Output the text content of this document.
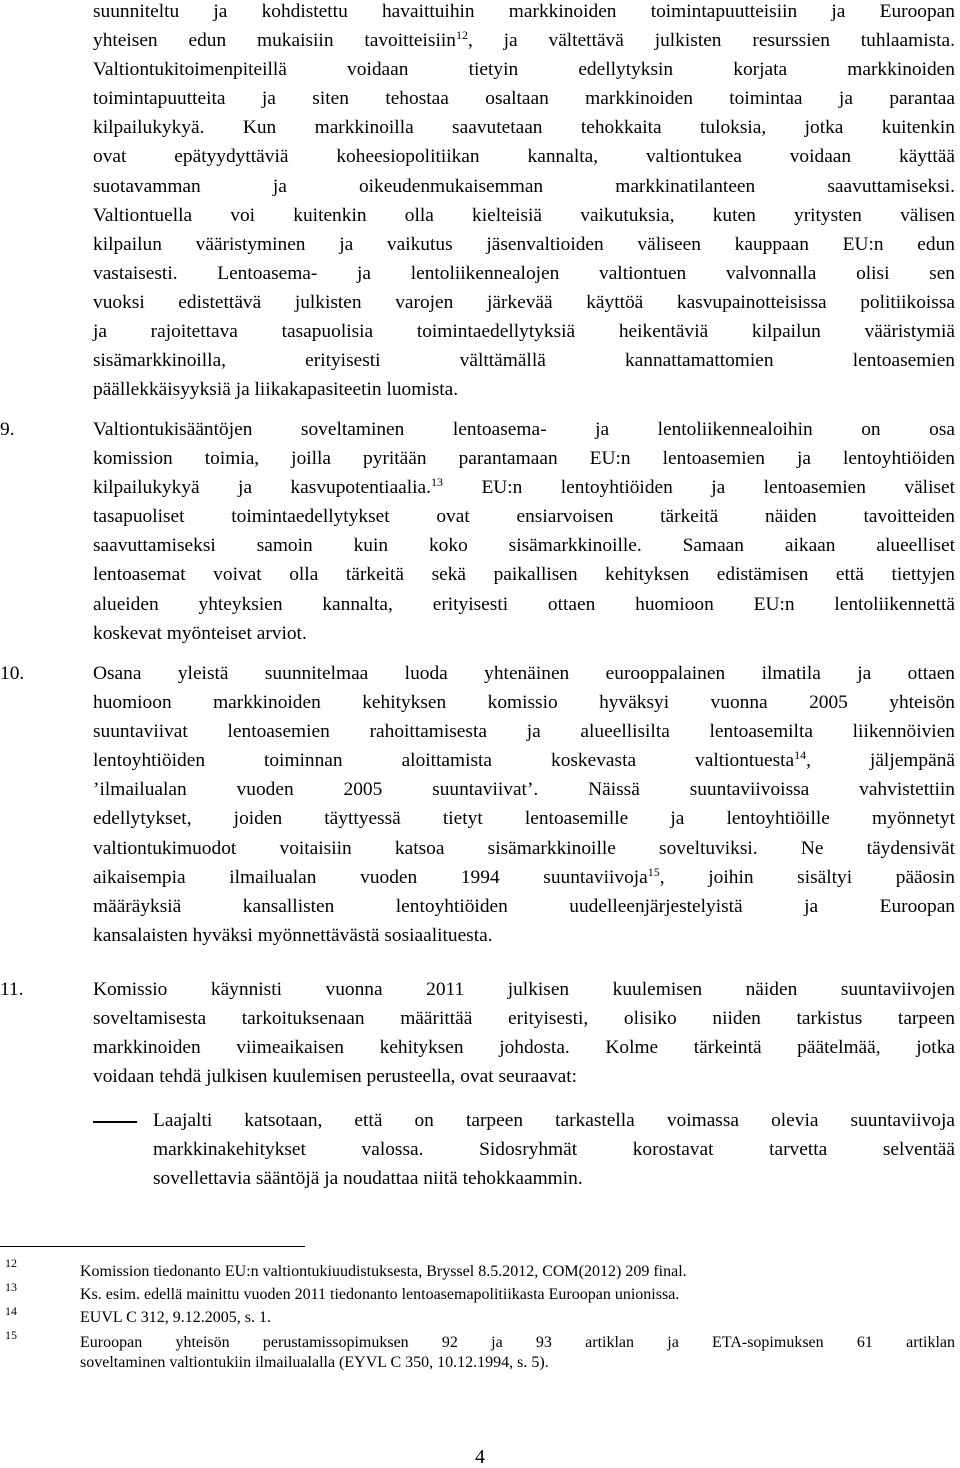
suunniteltu ja kohdistettu havaittuihin markkinoiden toimintapuutteisiin ja Euroopan
yhteisen edun mukaisiin tavoitteisiin$^{12}$, ja vältettävä julkisten resurssien tuhlaamista.
Valtiontukitoimenpiteillä voidaan tietyin edellytyksin korjata markkinoiden
toimintapuutteita ja siten tehostaa osaltaan markkinoiden toimintaa ja parantaa
kilpailukykyä. Kun markkinoilla saavutetaan tehokkaita tuloksia, jotka kuitenkin
ovat epätyydyttäviä koheesiopolitiikan kannalta, valtiontukea voidaan käyttää
suotavamman ja oikeudenmukaisemman markkinatilanteen saavuttamiseksi.
Valtiontuella voi kuitenkin olla kielteisiä vaikutuksia, kuten yritysten välisen
kilpailun vääristyminen ja vaikutus jäsenvaltioiden väliseen kauppaan EU:n edun
vastaisesti. Lentoasema- ja lentoliikennealojen valtiontuen valvonnalla olisi sen
vuoksi edistettävä julkisten varojen järkevää käyttöä kasvupainotteisissa politiikoissa
ja rajoitettava tasapuolisia toimintaedellytyksiä heikentäviä kilpailun vääristymiä
sisämarkkinoilla, erityisesti välttämällä kannattamattomien lentoasemien
päällekkäisyyksiä ja liikakapasiteetin luomista.
9.	Valtiontukisääntöjen soveltaminen lentoasema- ja lentoliikennealoihin on osa
komission toimia, joilla pyritään parantamaan EU:n lentoasemien ja lentoyhtiöiden
kilpailukykyä ja kasvupotentiaalia.$^{13}$ EU:n lentoyhtiöiden ja lentoasemien väliset
tasapuoliset toimintaedellytykset ovat ensiarvoisen tärkeitä näiden tavoitteiden
saavuttamiseksi samoin kuin koko sisämarkkinoille. Samaan aikaan alueelliset
lentoasemat voivat olla tärkeitä sekä paikallisen kehityksen edistämisen että tiettyjen
alueiden yhteyksien kannalta, erityisesti ottaen huomioon EU:n lentoliikennettä
koskevat myönteiset arviot.
10.	Osana yleistä suunnitelmaa luoda yhtenäinen eurooppalainen ilmatila ja ottaen
huomioon markkinoiden kehityksen komissio hyväksyi vuonna 2005 yhteisön
suuntaviivat lentoasemien rahoittamisesta ja alueellisilta lentoasemilta liikennöivien
lentoyhtiöiden toiminnan aloittamista koskevasta valtiontuesta$^{14}$, jäljempänä
’ilmailualan vuoden 2005 suuntaviivat’. Näissä suuntaviivoissa vahvistettiin
edellytykset, joiden täyttyessä tietyt lentoasemille ja lentoyhtiöille myönnetyt
valtiontukimuodot voitaisiin katsoa sisämarkkinoille soveltuviksi. Ne täydensivät
aikaisempia ilmailualan vuoden 1994 suuntaviivoja$^{15}$, joihin sisältyi pääosin
määräyksiä kansallisten lentoyhtiöiden uudelleenjärjestelyistä ja Euroopan
kansalaisten hyväksi myönnettävästä sosiaalituesta.
11.	Komissio käynnisti vuonna 2011 julkisen kuulemisen näiden suuntaviivojen
soveltamisesta tarkoituksenaan määrittää erityisesti, olisiko niiden tarkistus tarpeen
markkinoiden viimeaikaisen kehityksen johdosta. Kolme tärkeintä päätelmää, jotka
voidaan tehdä julkisen kuulemisen perusteella, ovat seuraavat:
Laajalti katsotaan, että on tarpeen tarkastella voimassa olevia suuntaviivoja
markkinakehitykset valossa. Sidosryhmät korostavat tarvetta selventää
sovellettavia sääntöjä ja noudattaa niitä tehokkaammin.
12
13
14
15
Komission tiedonanto EU:n valtiontukiuudistuksesta, Bryssel 8.5.2012, COM(2012) 209 final.
Ks. esim. edellä mainittu vuoden 2011 tiedonanto lentoasemapolitiikasta Euroopan unionissa.
EUVL C 312, 9.12.2005, s. 1.
Euroopan yhteisön perustamissopimuksen 92 ja 93 artiklan ja ETA-sopimuksen 61 artiklan
soveltaminen valtiontukiin ilmailualalla (EYVL C 350, 10.12.1994, s. 5).
4
